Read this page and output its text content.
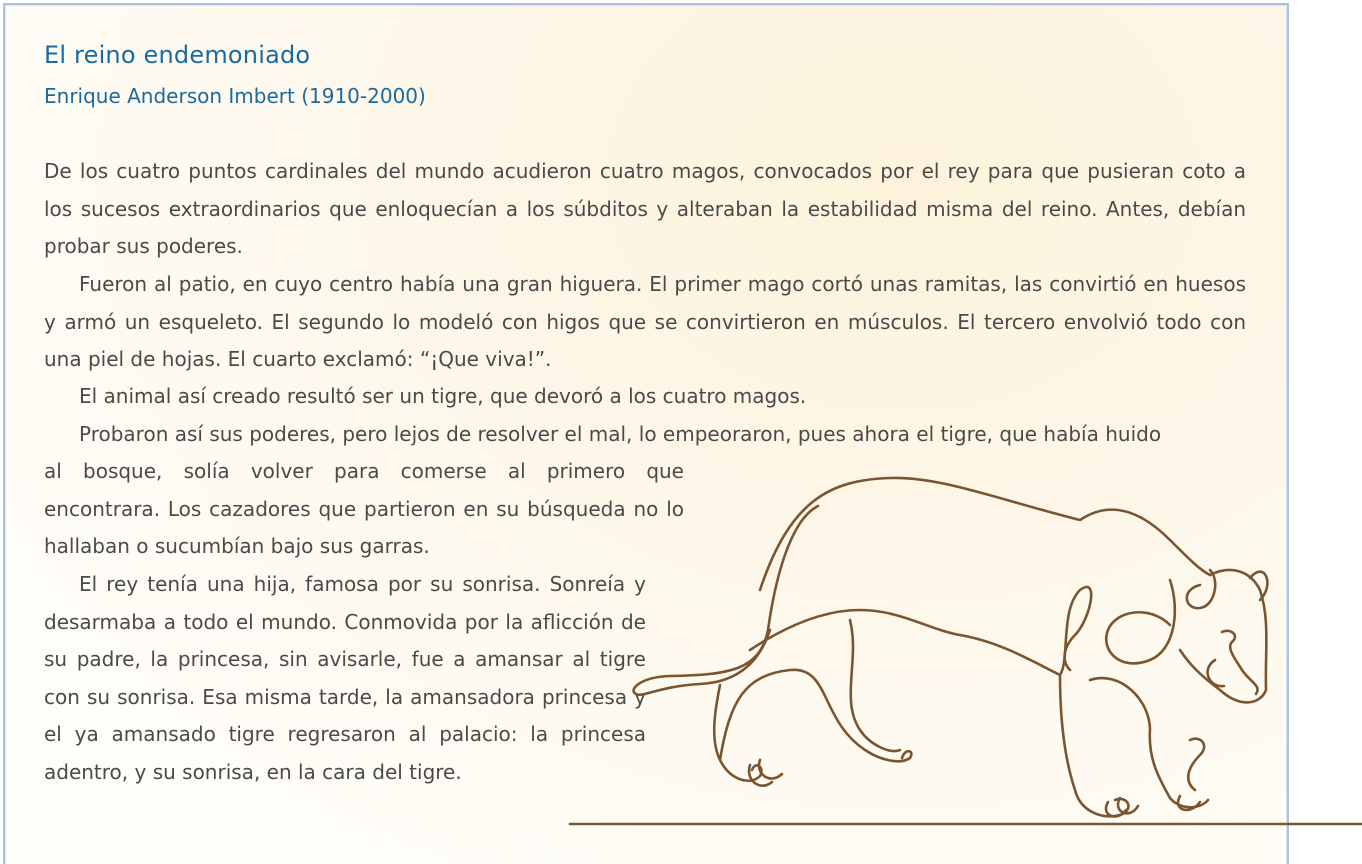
El reino endemoniado

Enrique Anderson Imbert (1910-2000)

De los cuatro puntos cardinales del mundo acudieron cuatro magos, convocados por el rey para que pusieran coto a los sucesos extraordinarios que enloquecían a los súbditos y alteraban la estabilidad misma del reino. Antes, debían probar sus poderes.

Fueron al patio, en cuyo centro había una gran higuera. El primer mago cortó unas ramitas, las convirtió en huesos y armó un esqueleto. El segundo lo modeló con higos que se convirtieron en músculos. El tercero envolvió todo con una piel de hojas. El cuarto exclamó: “¡Que viva!”.

El animal así creado resultó ser un tigre, que devoró a los cuatro magos.

Probaron así sus poderes, pero lejos de resolver el mal, lo empeoraron, pues ahora el tigre, que había huido

al bosque, solía volver para comerse al primero que encontrara. Los cazadores que partieron en su búsqueda no lo hallaban o sucumbían bajo sus garras.

El rey tenía una hija, famosa por su sonrisa. Sonreía y desarmaba a todo el mundo. Conmovida por la aflicción de su padre, la princesa, sin avisarle, fue a amansar al tigre con su sonrisa. Esa misma tarde, la amansadora princesa y el ya amansado tigre regresaron al palacio: la princesa adentro, y su sonrisa, en la cara del tigre.
